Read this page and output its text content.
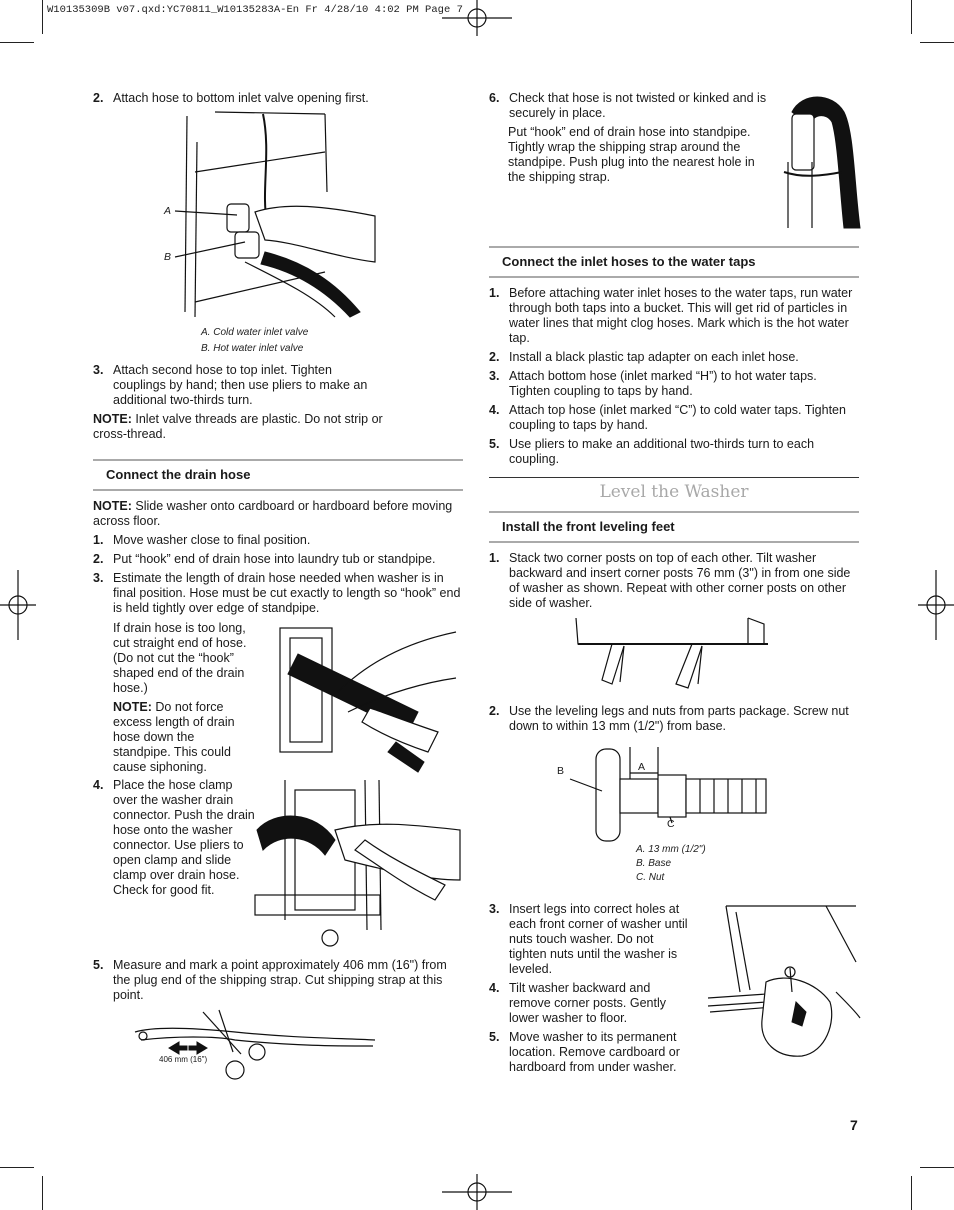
W10135309B v07.qxd:YC70811_W10135283A-En Fr 4/28/10 4:02 PM Page 7
2. Attach hose to bottom inlet valve opening first.
A
B
A. Cold water inlet valve
B. Hot water inlet valve
3. Attach second hose to top inlet. Tighten couplings by hand; then use pliers to make an additional two-thirds turn.
NOTE: Inlet valve threads are plastic. Do not strip or cross-thread.
Connect the drain hose
NOTE: Slide washer onto cardboard or hardboard before moving across floor.
1. Move washer close to final position.
2. Put “hook” end of drain hose into laundry tub or standpipe.
3. Estimate the length of drain hose needed when washer is in final position. Hose must be cut exactly to length so “hook” end is held tightly over edge of standpipe.
If drain hose is too long, cut straight end of hose. (Do not cut the “hook” shaped end of the drain hose.)
NOTE: Do not force excess length of drain hose down the standpipe. This could cause siphoning.
4. Place the hose clamp over the washer drain connector. Push the drain hose onto the washer connector. Use pliers to open clamp and slide clamp over drain hose. Check for good fit.
5. Measure and mark a point approximately 406 mm (16") from the plug end of the shipping strap. Cut shipping strap at this point.
406 mm (16")
6. Check that hose is not twisted or kinked and is securely in place.
Put “hook” end of drain hose into standpipe. Tightly wrap the shipping strap around the standpipe. Push plug into the nearest hole in the shipping strap.
Connect the inlet hoses to the water taps
1. Before attaching water inlet hoses to the water taps, run water through both taps into a bucket. This will get rid of particles in water lines that might clog hoses. Mark which is the hot water tap.
2. Install a black plastic tap adapter on each inlet hose.
3. Attach bottom hose (inlet marked “H”) to hot water taps. Tighten coupling to taps by hand.
4. Attach top hose (inlet marked “C”) to cold water taps. Tighten coupling to taps by hand.
5. Use pliers to make an additional two-thirds turn to each coupling.
Level the Washer
Install the front leveling feet
1. Stack two corner posts on top of each other. Tilt washer backward and insert corner posts 76 mm (3") in from one side of washer as shown. Repeat with other corner posts on other side of washer.
2. Use the leveling legs and nuts from parts package. Screw nut down to within 13 mm (1/2") from base.
A
B
C
A. 13 mm (1/2")
B. Base
C. Nut
3. Insert legs into correct holes at each front corner of washer until nuts touch washer. Do not tighten nuts until the washer is leveled.
4. Tilt washer backward and remove corner posts. Gently lower washer to floor.
5. Move washer to its permanent location. Remove cardboard or hardboard from under washer.
7
